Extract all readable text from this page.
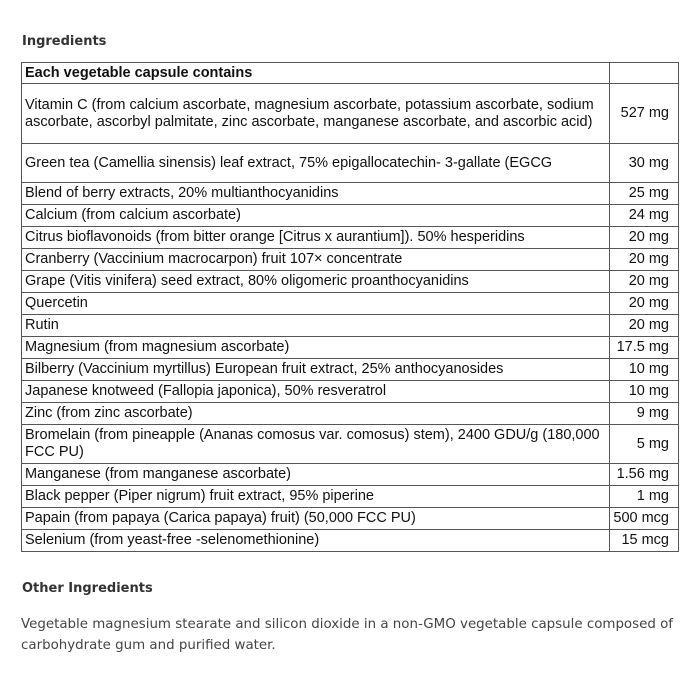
Ingredients
Each vegetable capsule contains	
Vitamin C (from calcium ascorbate, magnesium ascorbate, potassium ascorbate, sodium ascorbate, ascorbyl palmitate, zinc ascorbate, manganese ascorbate, and ascorbic acid)	527 mg
Green tea (Camellia sinensis) leaf extract, 75% epigallocatechin- 3-gallate (EGCG	30 mg
Blend of berry extracts, 20% multianthocyanidins	25 mg
Calcium (from calcium ascorbate)	24 mg
Citrus bioflavonoids (from bitter orange [Citrus x aurantium]). 50% hesperidins	20 mg
Cranberry (Vaccinium macrocarpon) fruit 107× concentrate	20 mg
Grape (Vitis vinifera) seed extract, 80% oligomeric proanthocyanidins	20 mg
Quercetin	20 mg
Rutin	20 mg
Magnesium (from magnesium ascorbate)	17.5 mg
Bilberry (Vaccinium myrtillus) European fruit extract, 25% anthocyanosides	10 mg
Japanese knotweed (Fallopia japonica), 50% resveratrol	10 mg
Zinc (from zinc ascorbate)	9 mg
Bromelain (from pineapple (Ananas comosus var. comosus) stem), 2400 GDU/g (180,000 FCC PU)	5 mg
Manganese (from manganese ascorbate)	1.56 mg
Black pepper (Piper nigrum) fruit extract, 95% piperine	1 mg
Papain (from papaya (Carica papaya) fruit) (50,000 FCC PU)	500 mcg
Selenium (from yeast-free -selenomethionine)	15 mcg
Other Ingredients

Vegetable magnesium stearate and silicon dioxide in a non-GMO vegetable capsule composed of carbohydrate gum and purified water.
